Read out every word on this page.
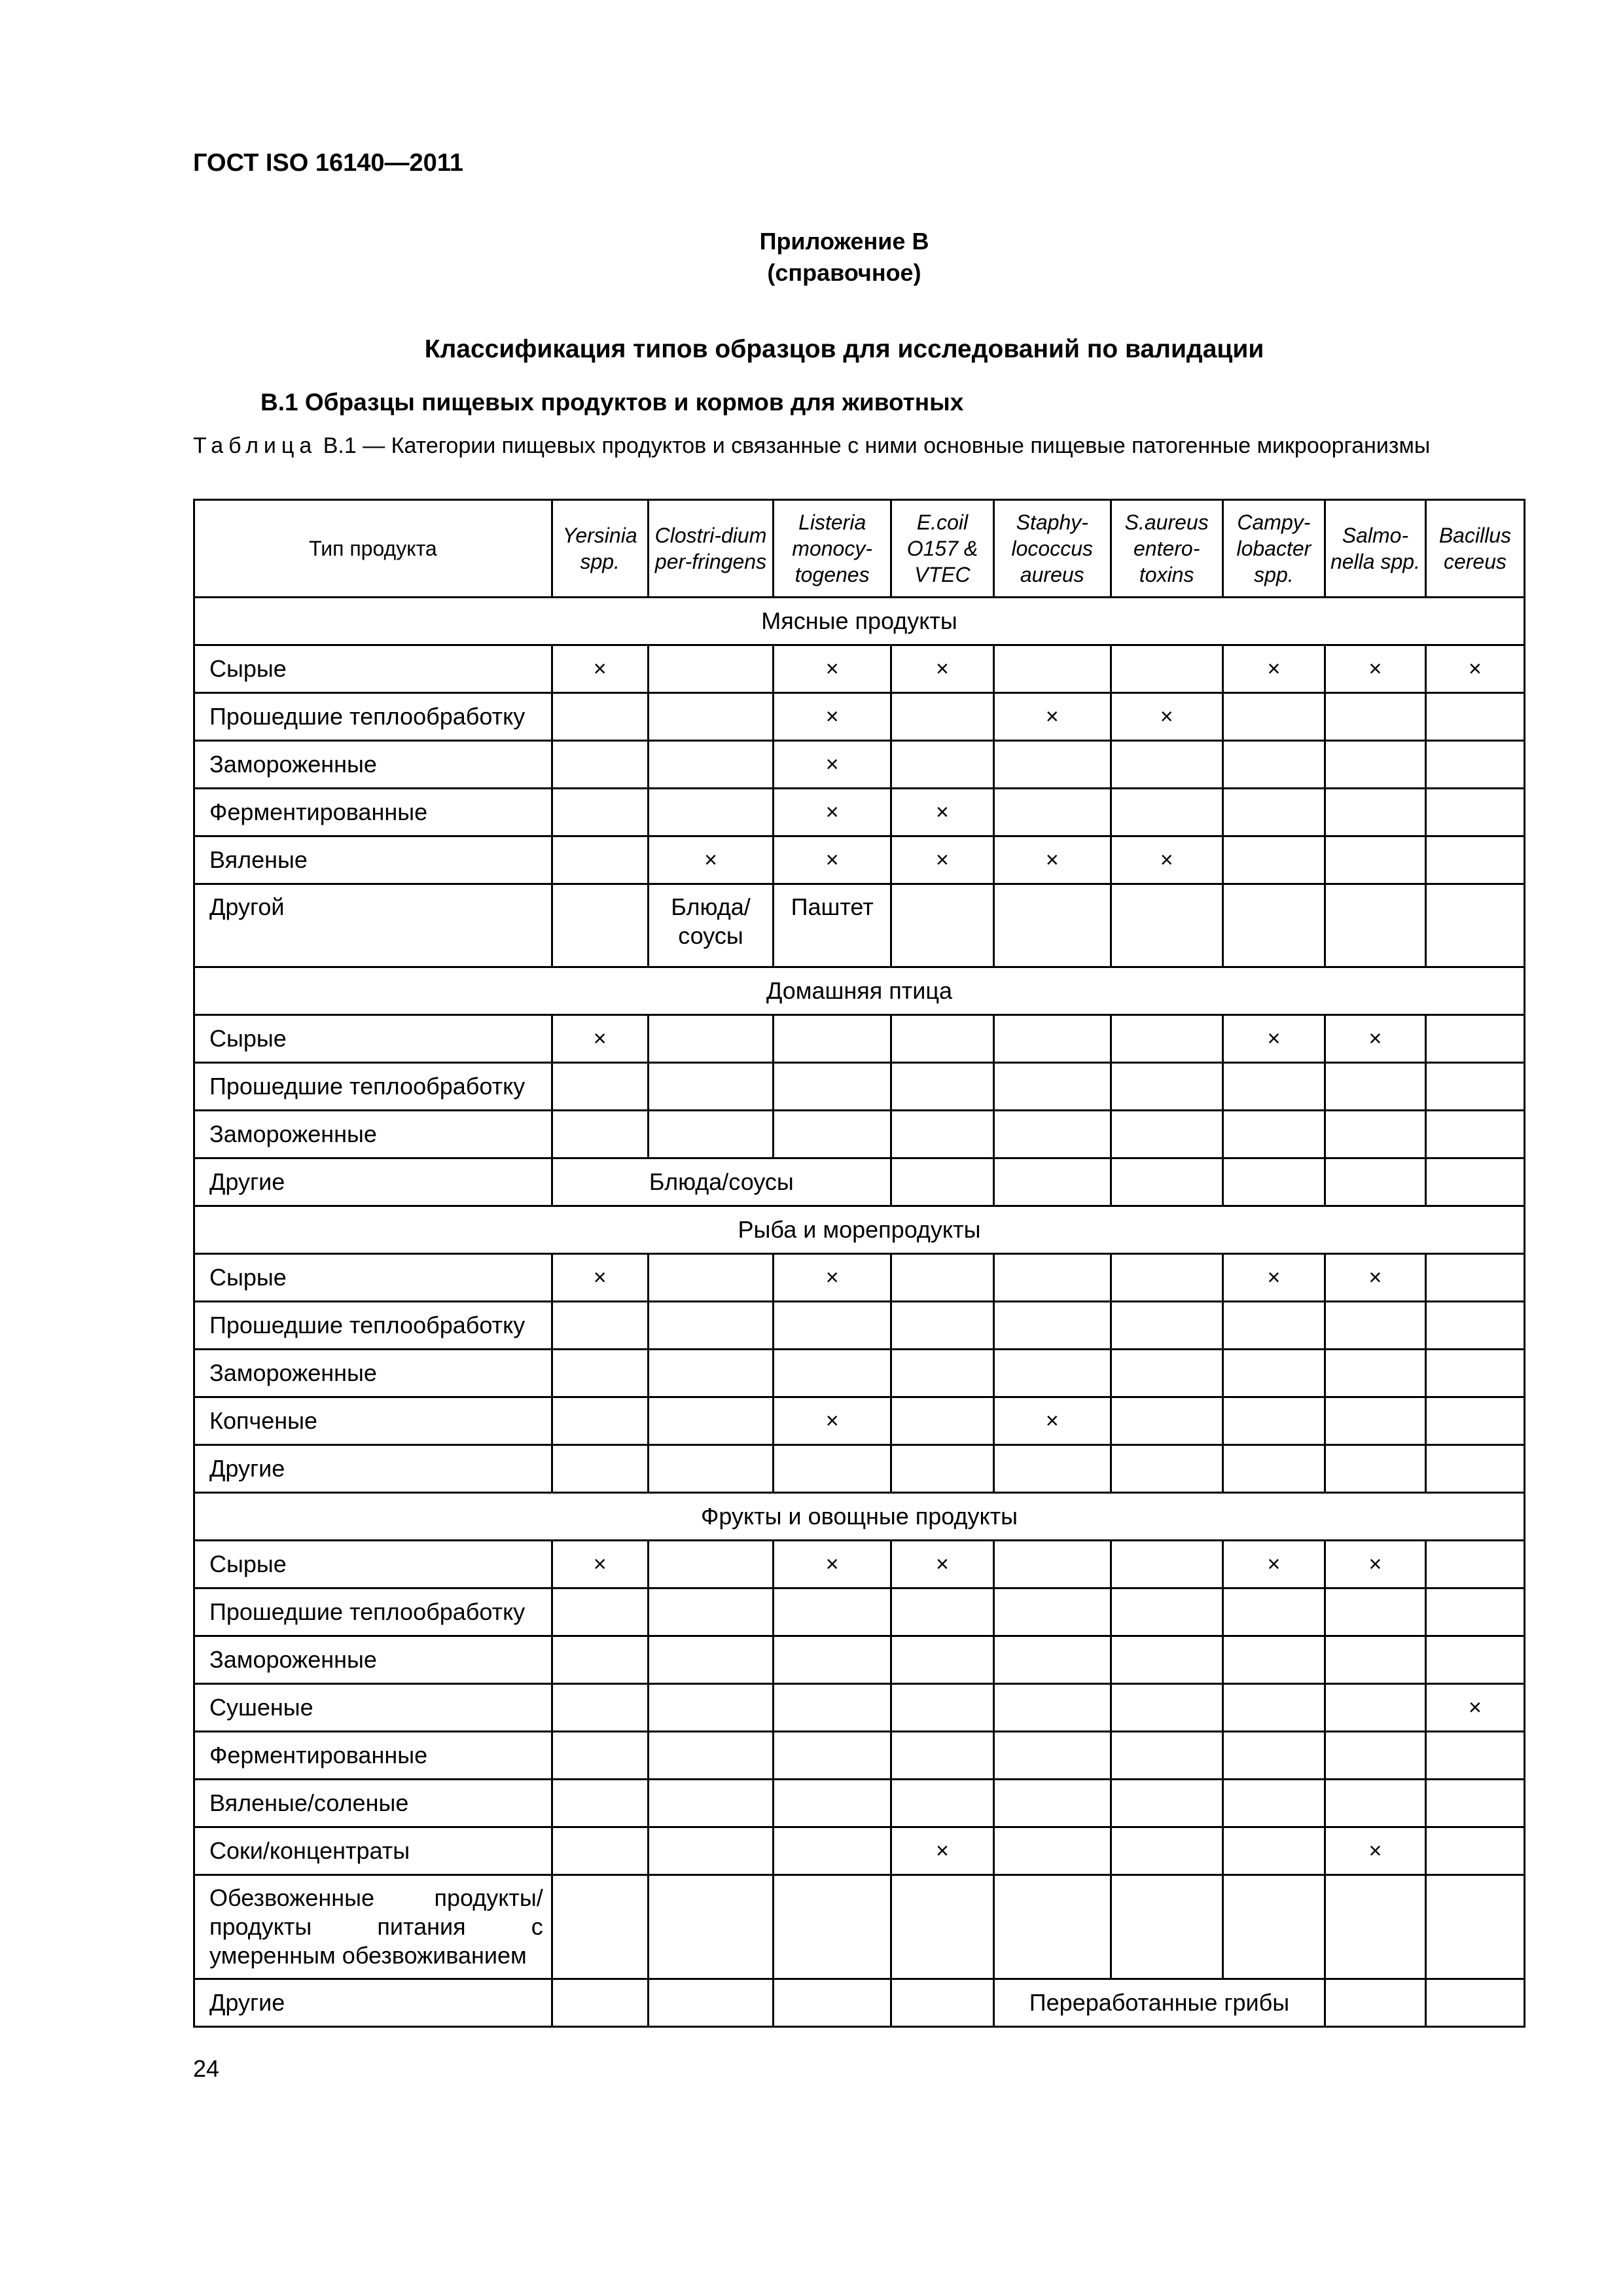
ГОСТ ISO 16140—2011
Приложение В
(справочное)
Классификация типов образцов для исследований по валидации
В.1 Образцы пищевых продуктов и кормов для животных
Таблица В.1 — Категории пищевых продуктов и связанные с ними основные пищевые патогенные микроорганизмы
Тип продукта	Yersinia spp.	Clostri-dium per-fringens	Listeria monocy-togenes	E.coil O157 & VTEC	Staphy-lococcus aureus	S.aureus entero-toxins	Campy-lobacter spp.	Salmo-nella spp.	Bacillus cereus
Мясные продукты									
Сырые	×		×	×			×	×	×
Прошедшие теплообработку			×		×	×			
Замороженные			×						
Ферментированные			×	×					
Вяленые		×	×	×	×	×			
Другой		Блюда/ соусы	Паштет						
Домашняя птица									
Сырые	×						×	×	
Прошедшие теплообработку									
Замороженные									
Другие	Блюда/соусы								
Рыба и морепродукты									
Сырые	×		×				×	×	
Прошедшие теплообработку									
Замороженные									
Копченые			×		×				
Другие									
Фрукты и овощные продукты									
Сырые	×		×	×			×	×	
Прошедшие теплообработку									
Замороженные									
Сушеные									×
Ферментированные									
Вяленые/соленые									
Соки/концентраты				×				×	
Обезвоженные продукты/ продукты питания с умеренным обезвоживанием									
Другие					Переработанные грибы				
24
